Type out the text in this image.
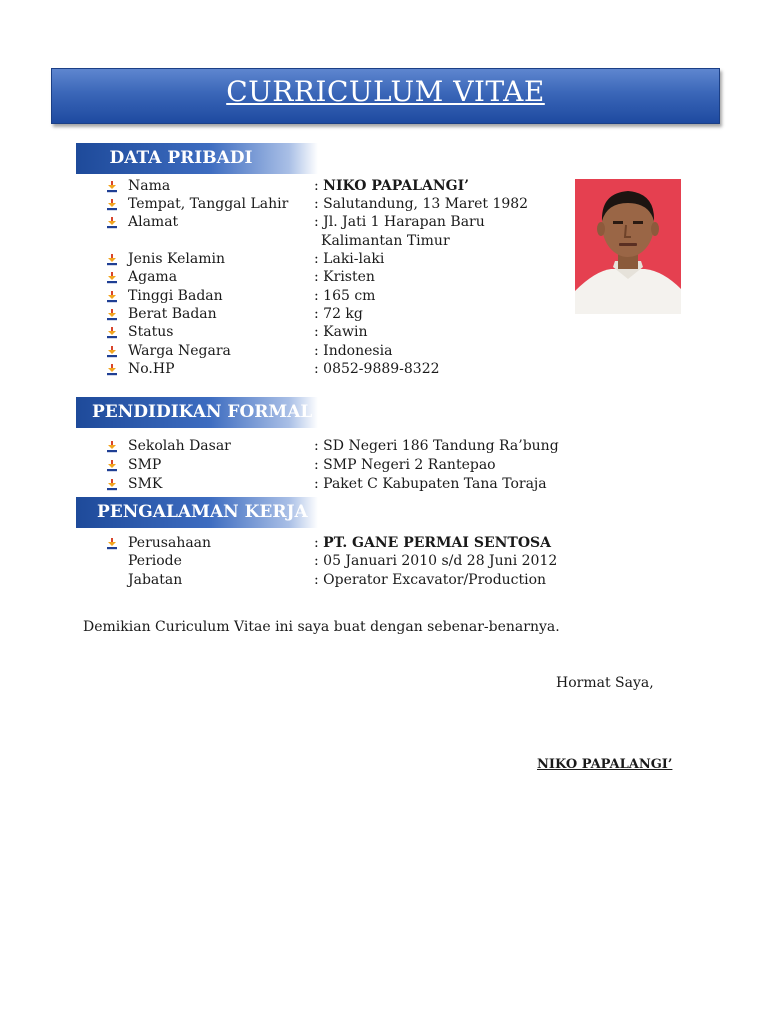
CURRICULUM VITAE
DATA PRIBADI
Nama	: NIKO PAPALANGI’
Tempat, Tanggal Lahir : Salutandung, 13 Maret 1982
Alamat	: Jl. Jati 1 Harapan Baru
Kalimantan Timur
Jenis Kelamin	: Laki-laki
Agama	: Kristen
Tinggi Badan	: 165 cm
Berat Badan	: 72 kg
Status	: Kawin
Warga Negara	: Indonesia
No.HP	: 0852-9889-8322
PENDIDIKAN FORMAL
Sekolah Dasar	: SD Negeri 186 Tandung Ra’bung
SMP	: SMP Negeri 2 Rantepao
SMK	: Paket C Kabupaten Tana Toraja
PENGALAMAN KERJA
Perusahaan	: PT. GANE PERMAI SENTOSA
Periode	: 05 Januari 2010 s/d 28 Juni 2012
Jabatan	: Operator Excavator/Production
Demikian Curiculum Vitae ini saya buat dengan sebenar-benarnya.
Hormat Saya,
NIKO PAPALANGI’
